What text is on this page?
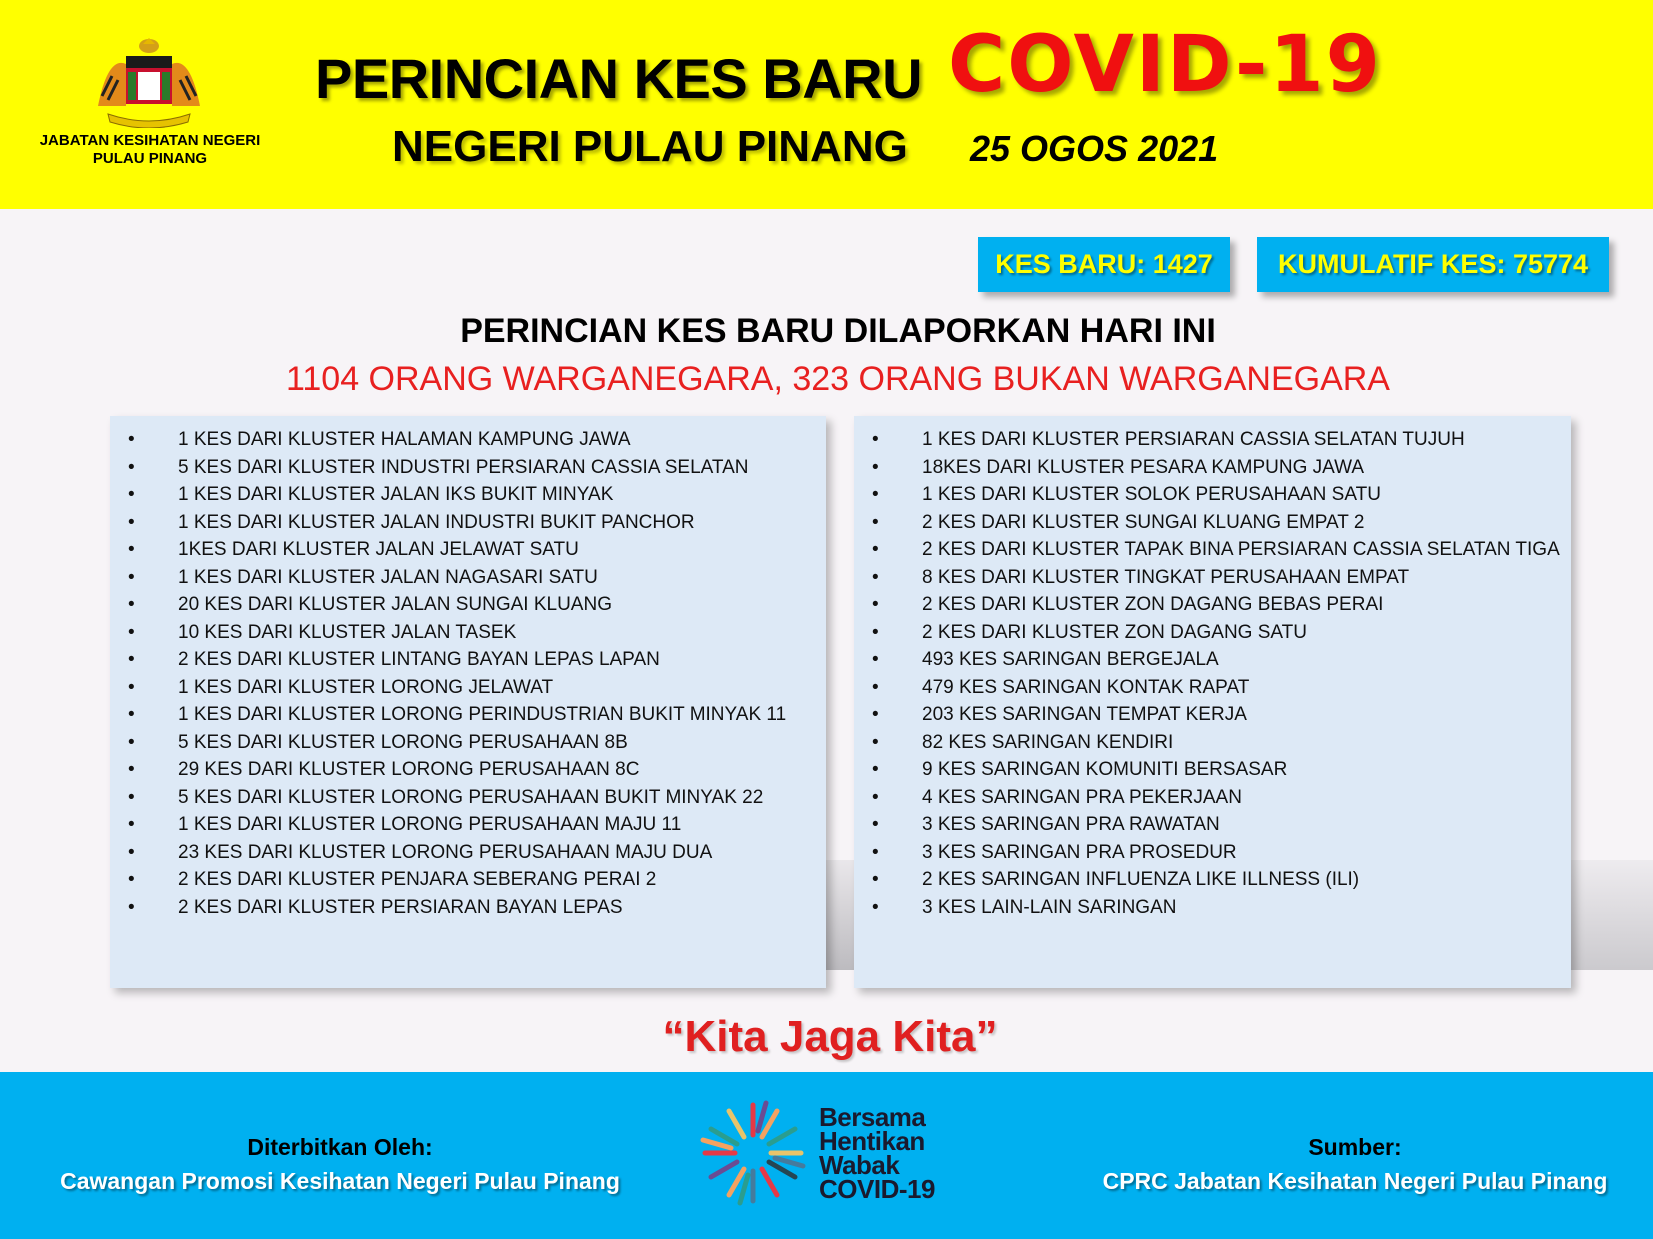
JABATAN KESIHATAN NEGERI
PULAU PINANG
PERINCIAN KES BARU COVID-19
NEGERI PULAU PINANG 25 OGOS 2021
KES BARU: 1427	KUMULATIF KES: 75774
PERINCIAN KES BARU DILAPORKAN HARI INI
1104 ORANG WARGANEGARA, 323 ORANG BUKAN WARGANEGARA
• 1 KES DARI KLUSTER HALAMAN KAMPUNG JAWA
• 5 KES DARI KLUSTER INDUSTRI PERSIARAN CASSIA SELATAN
• 1 KES DARI KLUSTER JALAN IKS BUKIT MINYAK
• 1 KES DARI KLUSTER JALAN INDUSTRI BUKIT PANCHOR
• 1KES DARI KLUSTER JALAN JELAWAT SATU
• 1 KES DARI KLUSTER JALAN NAGASARI SATU
• 20 KES DARI KLUSTER JALAN SUNGAI KLUANG
• 10 KES DARI KLUSTER JALAN TASEK
• 2 KES DARI KLUSTER LINTANG BAYAN LEPAS LAPAN
• 1 KES DARI KLUSTER LORONG JELAWAT
• 1 KES DARI KLUSTER LORONG PERINDUSTRIAN BUKIT MINYAK 11
• 5 KES DARI KLUSTER LORONG PERUSAHAAN 8B
• 29 KES DARI KLUSTER LORONG PERUSAHAAN 8C
• 5 KES DARI KLUSTER LORONG PERUSAHAAN BUKIT MINYAK 22
• 1 KES DARI KLUSTER LORONG PERUSAHAAN MAJU 11
• 23 KES DARI KLUSTER LORONG PERUSAHAAN MAJU DUA
• 2 KES DARI KLUSTER PENJARA SEBERANG PERAI 2
• 2 KES DARI KLUSTER PERSIARAN BAYAN LEPAS
• 1 KES DARI KLUSTER PERSIARAN CASSIA SELATAN TUJUH
• 18KES DARI KLUSTER PESARA KAMPUNG JAWA
• 1 KES DARI KLUSTER SOLOK PERUSAHAAN SATU
• 2 KES DARI KLUSTER SUNGAI KLUANG EMPAT 2
• 2 KES DARI KLUSTER TAPAK BINA PERSIARAN CASSIA SELATAN TIGA
• 8 KES DARI KLUSTER TINGKAT PERUSAHAAN EMPAT
• 2 KES DARI KLUSTER ZON DAGANG BEBAS PERAI
• 2 KES DARI KLUSTER ZON DAGANG SATU
• 493 KES SARINGAN BERGEJALA
• 479 KES SARINGAN KONTAK RAPAT
• 203 KES SARINGAN TEMPAT KERJA
• 82 KES SARINGAN KENDIRI
• 9 KES SARINGAN KOMUNITI BERSASAR
• 4 KES SARINGAN PRA PEKERJAAN
• 3 KES SARINGAN PRA RAWATAN
• 3 KES SARINGAN PRA PROSEDUR
• 2 KES SARINGAN INFLUENZA LIKE ILLNESS (ILI)
• 3 KES LAIN-LAIN SARINGAN
“Kita Jaga Kita”
Diterbitkan Oleh:
Cawangan Promosi Kesihatan Negeri Pulau Pinang
Bersama
Hentikan
Wabak
COVID-19
Sumber:
CPRC Jabatan Kesihatan Negeri Pulau Pinang
